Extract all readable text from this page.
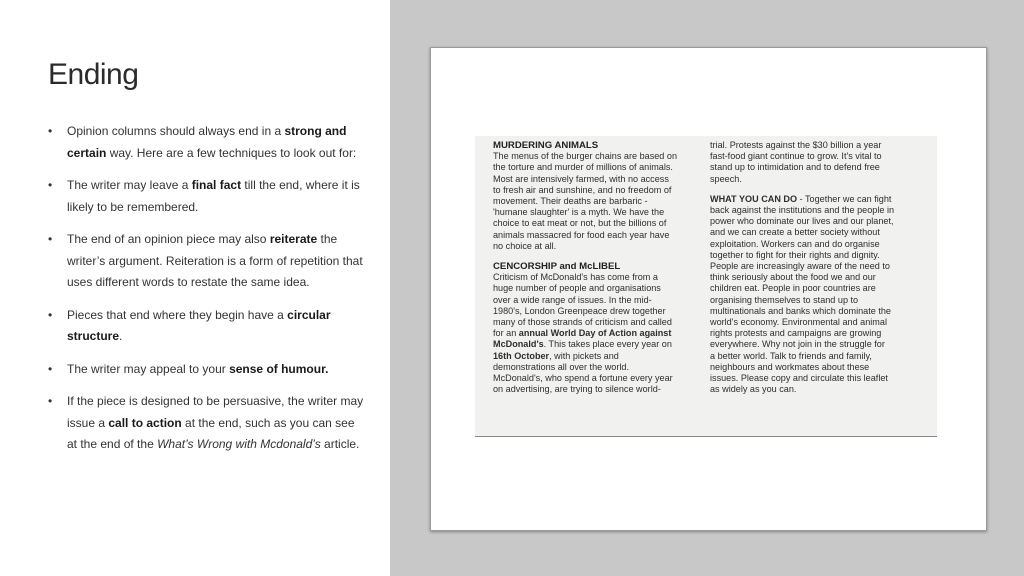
Ending
• Opinion columns should always end in a strong and certain way. Here are a few techniques to look out for:
• The writer may leave a final fact till the end, where it is likely to be remembered.
• The end of an opinion piece may also reiterate the writer’s argument. Reiteration is a form of repetition that uses different words to restate the same idea.
• Pieces that end where they begin have a circular structure.
• The writer may appeal to your sense of humour.
• If the piece is designed to be persuasive, the writer may issue a call to action at the end, such as you can see at the end of the What’s Wrong with Mcdonald’s article.
MURDERING ANIMALS

The menus of the burger chains are based on
the torture and murder of millions of animals.
Most are intensively farmed, with no access
to fresh air and sunshine, and no freedom of
movement. Their deaths are barbaric -
'humane slaughter' is a myth. We have the
choice to eat meat or not, but the billions of
animals massacred for food each year have
no choice at all.

CENCORSHIP and McLIBEL

Criticism of McDonald's has come from a
huge number of people and organisations
over a wide range of issues. In the mid-
1980's, London Greenpeace drew together
many of those strands of criticism and called
for an annual World Day of Action against McDonald's. This takes place every year on
16th October, with pickets and
demonstrations all over the world.
McDonald's, who spend a fortune every year
on advertising, are trying to silence world-

trial. Protests against the $30 billion a year
fast-food giant continue to grow. It's vital to
stand up to intimidation and to defend free
speech.

WHAT YOU CAN DO - Together we can fight
back against the institutions and the people in
power who dominate our lives and our planet,
and we can create a better society without
exploitation. Workers can and do organise
together to fight for their rights and dignity.
People are increasingly aware of the need to
think seriously about the food we and our
children eat. People in poor countries are
organising themselves to stand up to
multinationals and banks which dominate the
world's economy. Environmental and animal
rights protests and campaigns are growing
everywhere. Why not join in the struggle for
a better world. Talk to friends and family,
neighbours and workmates about these
issues. Please copy and circulate this leaflet
as widely as you can.
